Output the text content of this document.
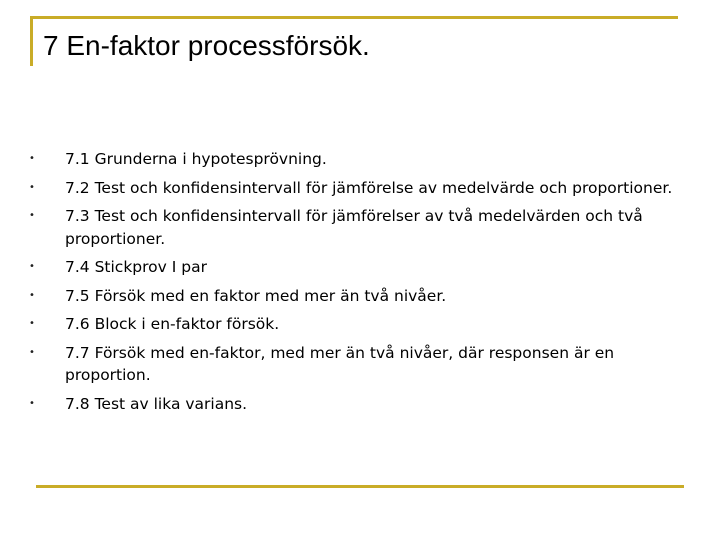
7 En-faktor processförsök.
• 7.1 Grunderna i hypotesprövning.
• 7.2 Test och konfidensintervall för jämförelse av medelvärde och proportioner.
• 7.3 Test och konfidensintervall för jämförelser av två medelvärden och två proportioner.
• 7.4 Stickprov I par
• 7.5 Försök med en faktor med mer än två nivåer.
• 7.6 Block i en-faktor försök.
• 7.7 Försök med en-faktor, med mer än två nivåer, där responsen är en proportion.
• 7.8 Test av lika varians.
